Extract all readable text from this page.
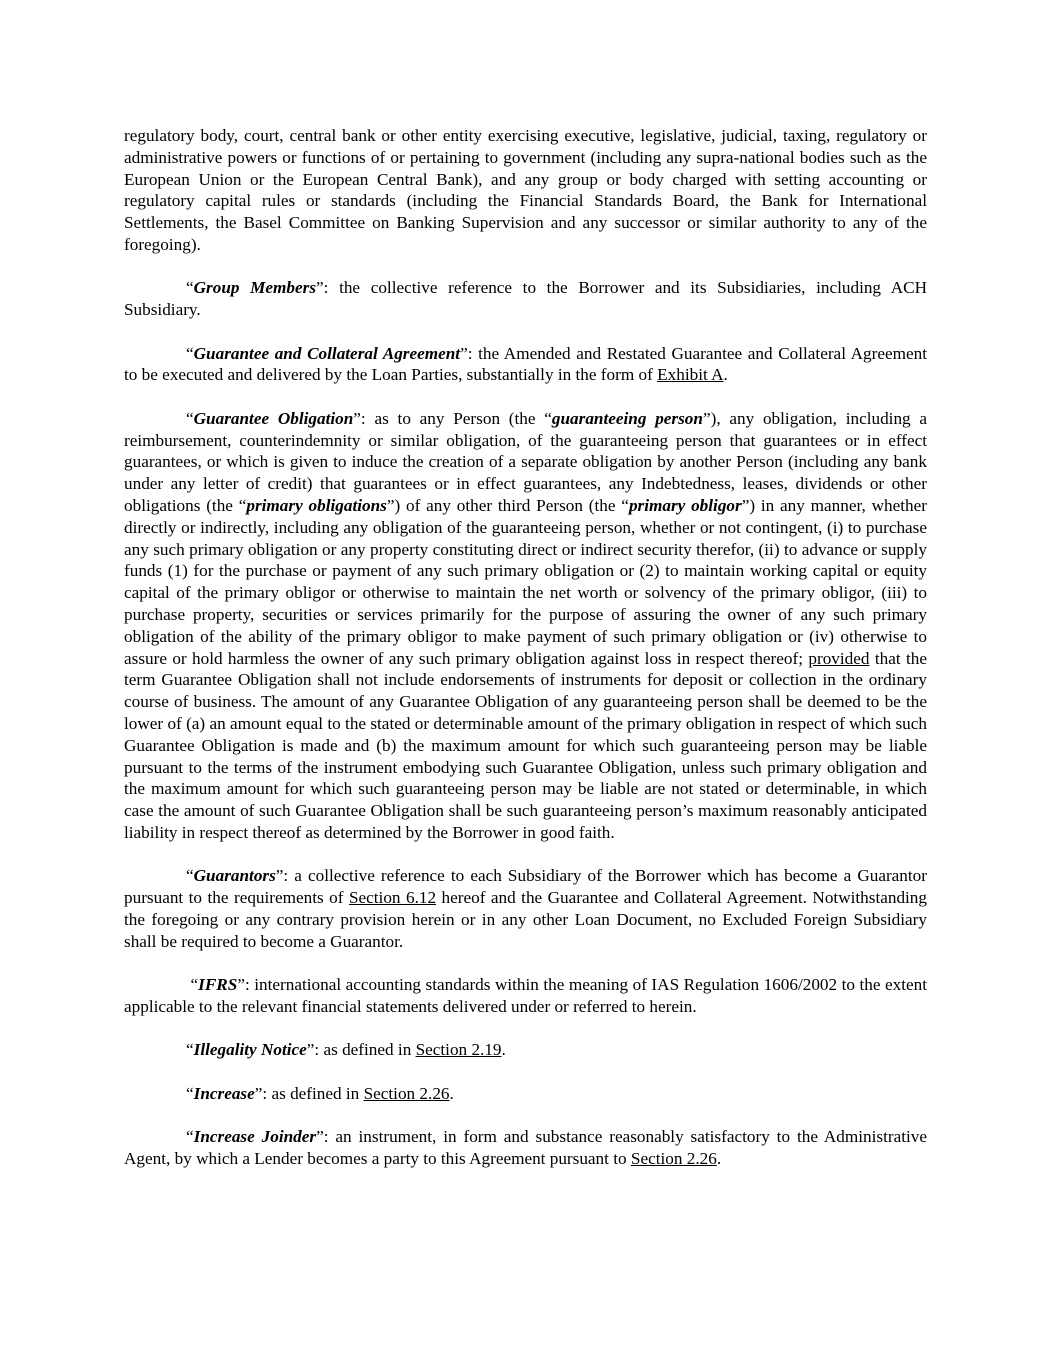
regulatory body, court, central bank or other entity exercising executive, legislative, judicial, taxing, regulatory or administrative powers or functions of or pertaining to government (including any supra-national bodies such as the European Union or the European Central Bank), and any group or body charged with setting accounting or regulatory capital rules or standards (including the Financial Standards Board, the Bank for International Settlements, the Basel Committee on Banking Supervision and any successor or similar authority to any of the foregoing).

“Group Members”: the collective reference to the Borrower and its Subsidiaries, including ACH Subsidiary.

“Guarantee and Collateral Agreement”: the Amended and Restated Guarantee and Collateral Agreement to be executed and delivered by the Loan Parties, substantially in the form of Exhibit A.

“Guarantee Obligation”: as to any Person (the “guaranteeing person”), any obligation, including a reimbursement, counterindemnity or similar obligation, of the guaranteeing person that guarantees or in effect guarantees, or which is given to induce the creation of a separate obligation by another Person (including any bank under any letter of credit) that guarantees or in effect guarantees, any Indebtedness, leases, dividends or other obligations (the “primary obligations”) of any other third Person (the “primary obligor”) in any manner, whether directly or indirectly, including any obligation of the guaranteeing person, whether or not contingent, (i) to purchase any such primary obligation or any property constituting direct or indirect security therefor, (ii) to advance or supply funds (1) for the purchase or payment of any such primary obligation or (2) to maintain working capital or equity capital of the primary obligor or otherwise to maintain the net worth or solvency of the primary obligor, (iii) to purchase property, securities or services primarily for the purpose of assuring the owner of any such primary obligation of the ability of the primary obligor to make payment of such primary obligation or (iv) otherwise to assure or hold harmless the owner of any such primary obligation against loss in respect thereof; provided that the term Guarantee Obligation shall not include endorsements of instruments for deposit or collection in the ordinary course of business. The amount of any Guarantee Obligation of any guaranteeing person shall be deemed to be the lower of (a) an amount equal to the stated or determinable amount of the primary obligation in respect of which such Guarantee Obligation is made and (b) the maximum amount for which such guaranteeing person may be liable pursuant to the terms of the instrument embodying such Guarantee Obligation, unless such primary obligation and the maximum amount for which such guaranteeing person may be liable are not stated or determinable, in which case the amount of such Guarantee Obligation shall be such guaranteeing person’s maximum reasonably anticipated liability in respect thereof as determined by the Borrower in good faith.

“Guarantors”: a collective reference to each Subsidiary of the Borrower which has become a Guarantor pursuant to the requirements of Section 6.12 hereof and the Guarantee and Collateral Agreement. Notwithstanding the foregoing or any contrary provision herein or in any other Loan Document, no Excluded Foreign Subsidiary shall be required to become a Guarantor.

“IFRS”: international accounting standards within the meaning of IAS Regulation 1606/2002 to the extent applicable to the relevant financial statements delivered under or referred to herein.

“Illegality Notice”: as defined in Section 2.19.

“Increase”: as defined in Section 2.26.

“Increase Joinder”: an instrument, in form and substance reasonably satisfactory to the Administrative Agent, by which a Lender becomes a party to this Agreement pursuant to Section 2.26.
